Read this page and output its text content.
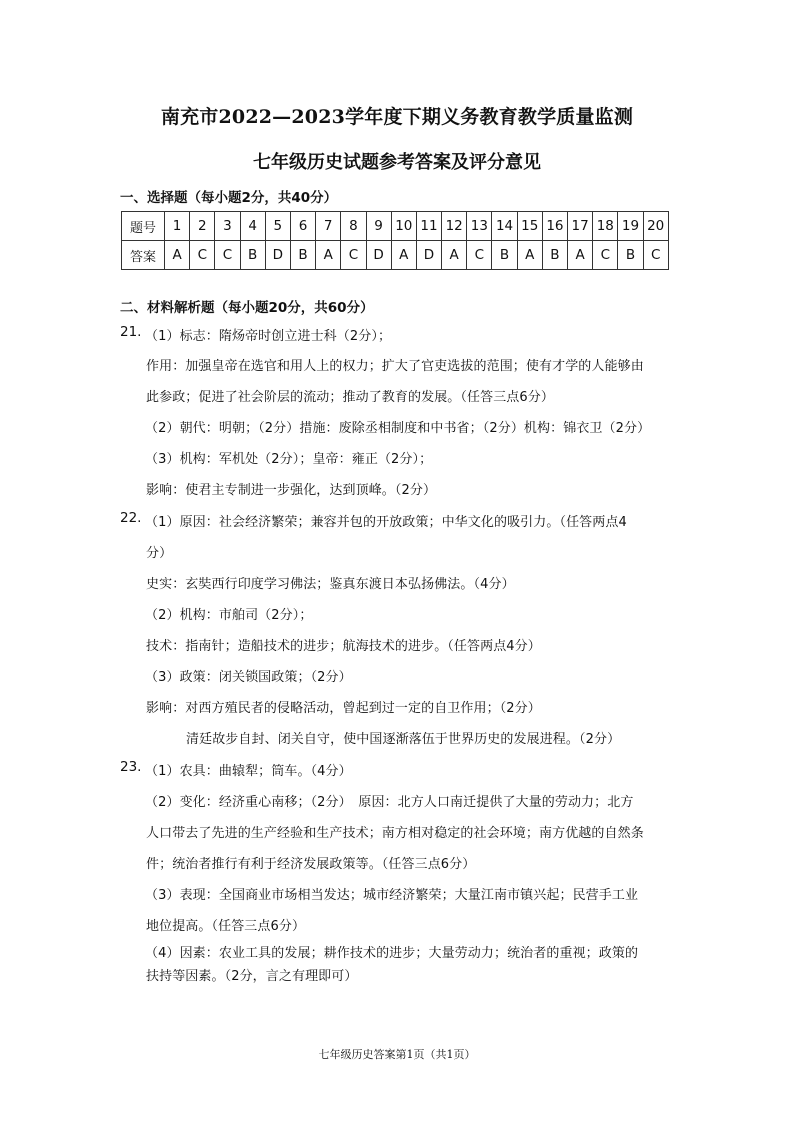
南充市2022—2023学年度下期义务教育教学质量监测
七年级历史试题参考答案及评分意见
一、选择题（每小题2分，共40分）
题号	1	2	3	4	5	6	7	8	9	10	11	12	13	14	15	16	17	18	19	20
答案	A	C	C	B	D	B	A	C	D	A	D	A	C	B	A	B	A	C	B	C
二、材料解析题（每小题20分，共60分）
21. （1）标志：隋炀帝时创立进士科（2分）；
作用：加强皇帝在选官和用人上的权力；扩大了官吏选拔的范围；使有才学的人能够由
此参政；促进了社会阶层的流动；推动了教育的发展。（任答三点6分）
（2）朝代：明朝；（2分）措施：废除丞相制度和中书省；（2分）机构：锦衣卫（2分）
（3）机构：军机处（2分）；皇帝：雍正（2分）；
影响：使君主专制进一步强化，达到顶峰。（2分）
22. （1）原因：社会经济繁荣；兼容并包的开放政策；中华文化的吸引力。（任答两点4
分）
史实：玄奘西行印度学习佛法；鉴真东渡日本弘扬佛法。（4分）
（2）机构：市舶司（2分）；
技术：指南针；造船技术的进步；航海技术的进步。（任答两点4分）
（3）政策：闭关锁国政策；（2分）
影响：对西方殖民者的侵略活动，曾起到过一定的自卫作用；（2分）
清廷故步自封、闭关自守，使中国逐渐落伍于世界历史的发展进程。（2分）
23. （1）农具：曲辕犁；筒车。（4分）
（2）变化：经济重心南移；（2分）　原因：北方人口南迁提供了大量的劳动力；北方
人口带去了先进的生产经验和生产技术；南方相对稳定的社会环境；南方优越的自然条
件；统治者推行有利于经济发展政策等。（任答三点6分）
（3）表现：全国商业市场相当发达；城市经济繁荣；大量江南市镇兴起；民营手工业
地位提高。（任答三点6分）
（4）因素：农业工具的发展；耕作技术的进步；大量劳动力；统治者的重视；政策的
扶持等因素。（2分，言之有理即可）
七年级历史答案第1页（共1页）
